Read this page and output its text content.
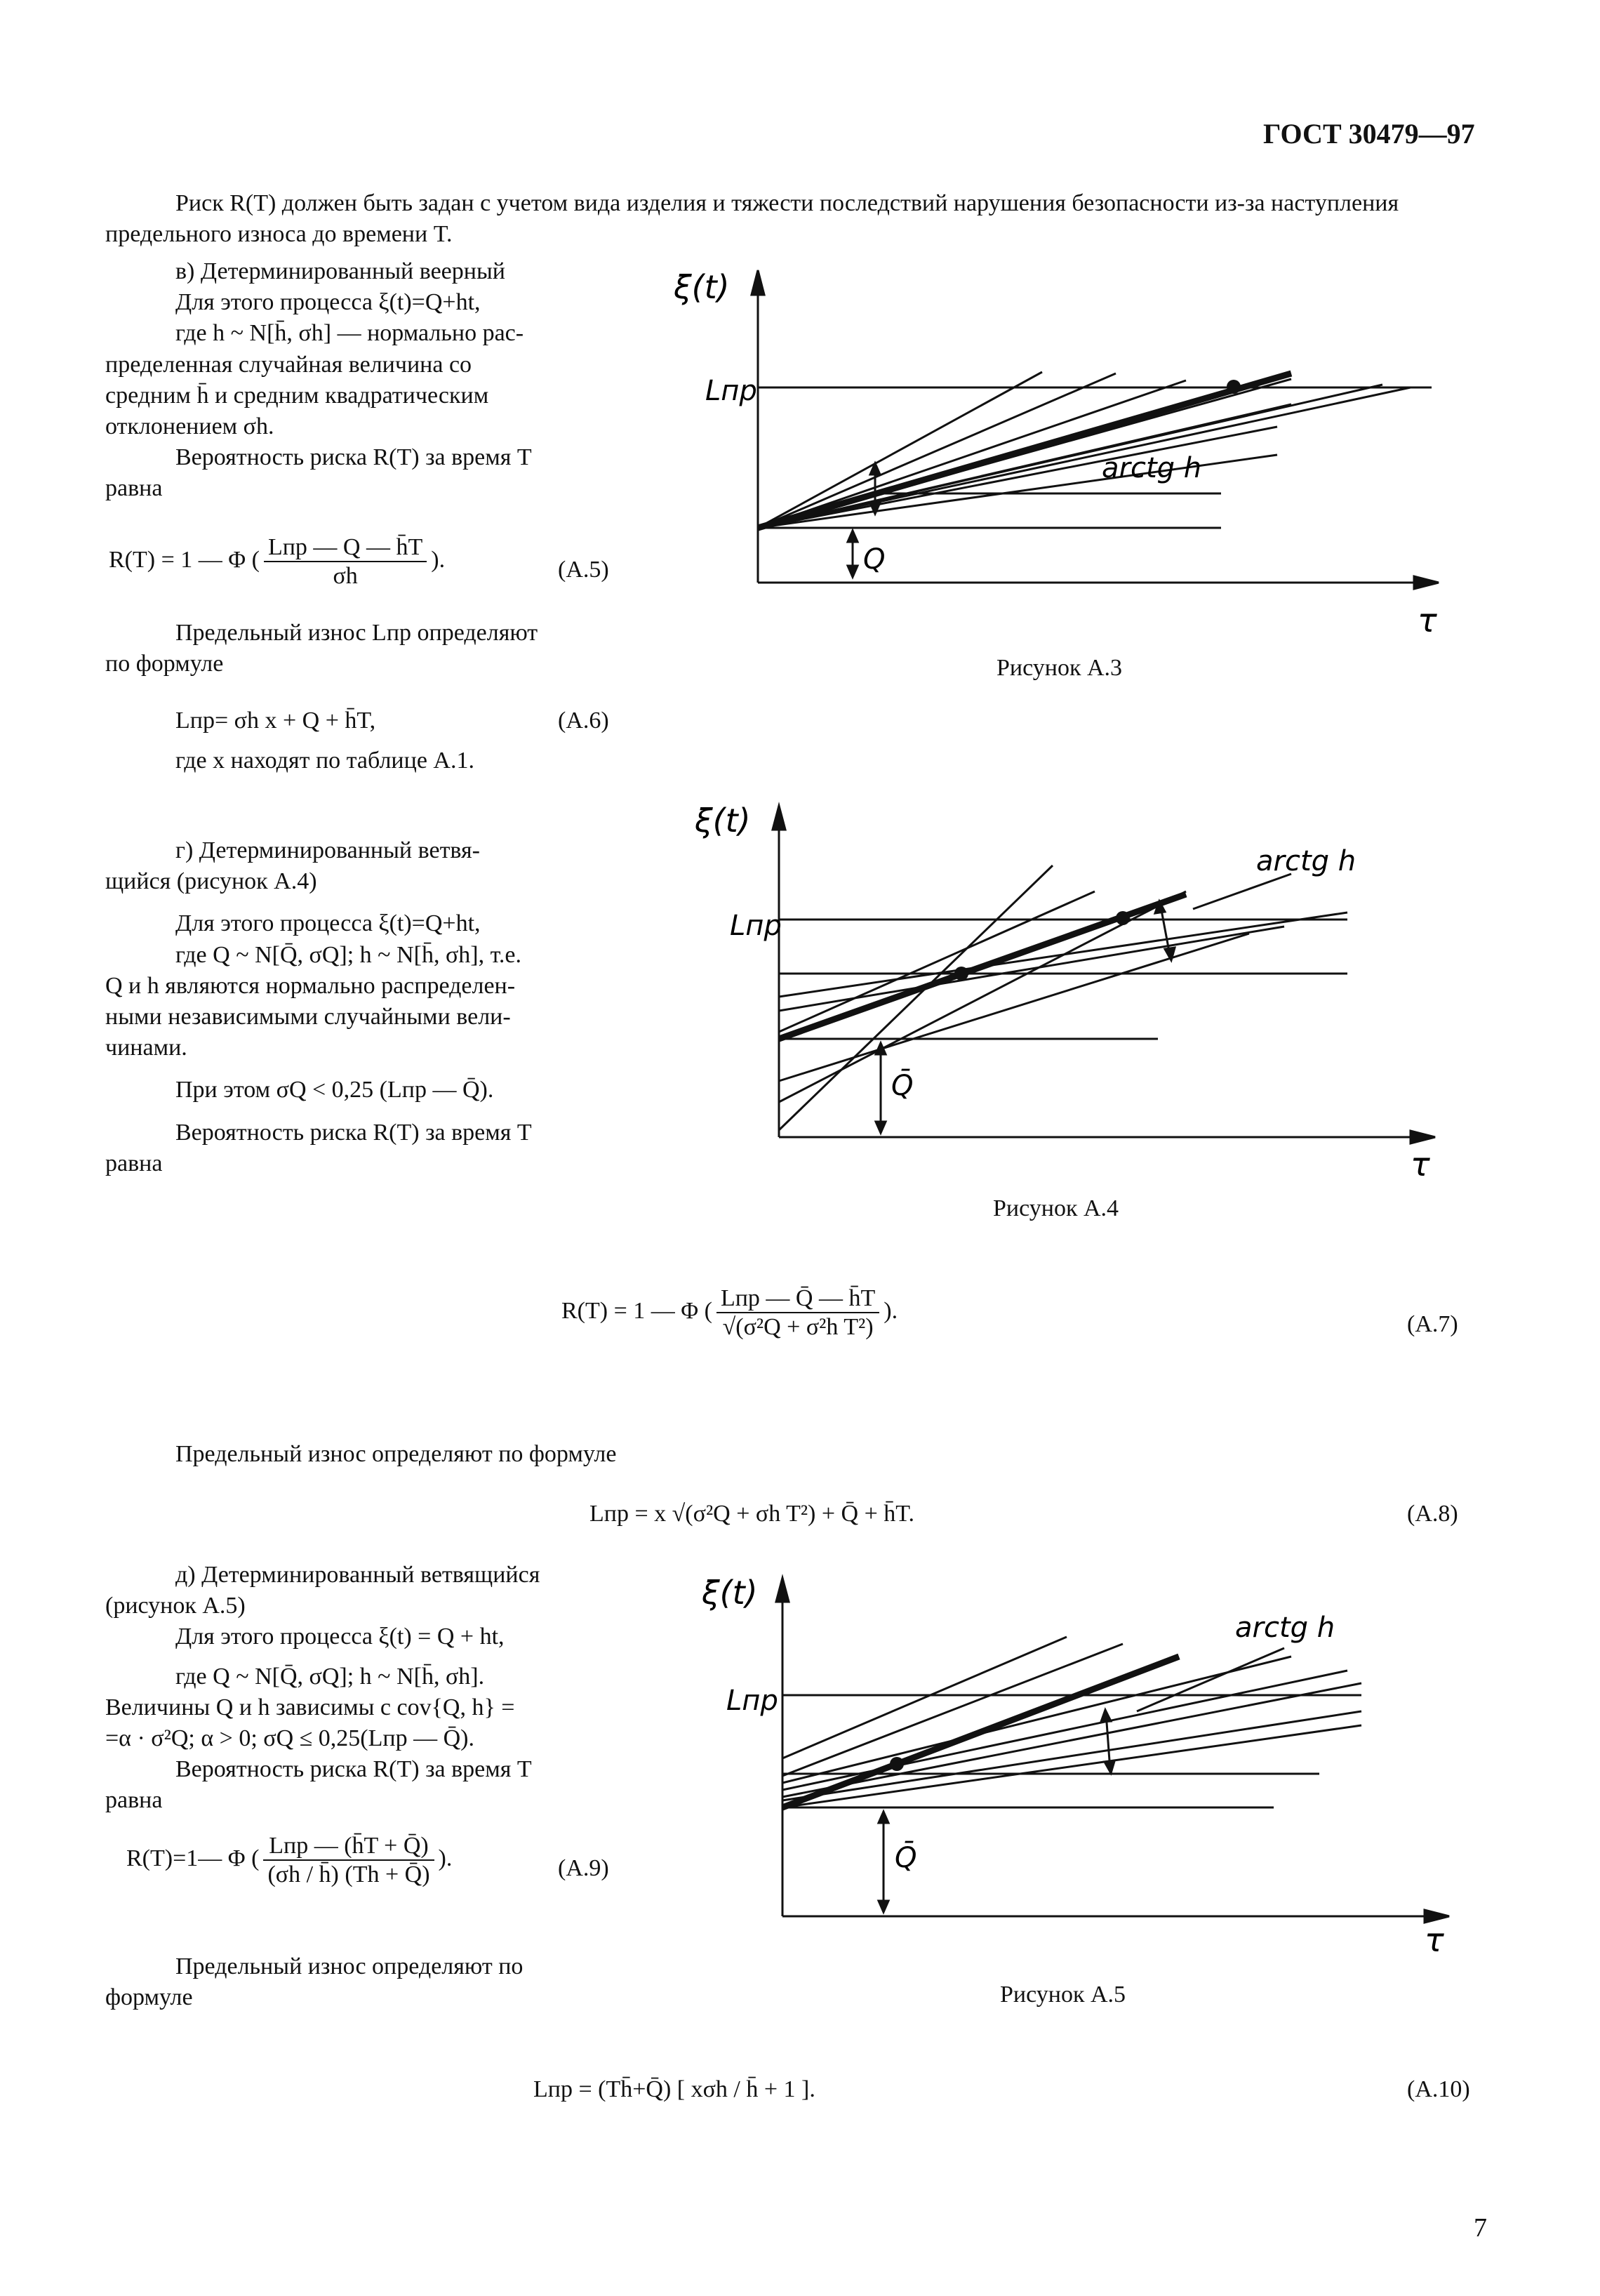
ГОСТ 30479—97
Риск R(T) должен быть задан с учетом вида изделия и тяжести последствий нарушения безопасности из-за наступления предельного износа до времени T.
в) Детерминированный веерный
Для этого процесса ξ(t)=Q+ht,
где h ~ N[h̄, σh] — нормально рас-
пределенная случайная величина со
средним h̄ и средним квадратическим
отклонением σh.
Вероятность риска R(T) за время T
равна
R(T) = 1 — Φ ( $\frac{\text{Lпр — Q — h̄T}}{\sigma h}$ ).	(А.5)
Предельный износ Lпр определяют
по формуле
Lпр= σh x + Q + h̄T,	(А.6)
где x находят по таблице А.1.
г) Детерминированный ветвя-
щийся (рисунок А.4)
Для этого процесса ξ(t)=Q+ht,
где Q ~ N[Q̄, σQ]; h ~ N[h̄, σh], т.е.
Q и h являются нормально распределен-
ными независимыми случайными вели-
чинами.
При этом σQ < 0,25 (Lпр — Q̄).
Вероятность риска R(T) за время T
равна
R(T) = 1 — Φ ( $\frac{\text{Lпр — Q̄ — h̄T}}{\text{√(σ²Q + σ²h T²)}}$ ).
(А.7)
Предельный износ определяют по формуле
Lпр = x √(σ²Q + σh T²) + Q̄ + h̄T.	(А.8)
д) Детерминированный ветвящийся
(рисунок А.5)
Для этого процесса ξ(t) = Q + ht,
где Q ~ N[Q̄, σQ]; h ~ N[h̄, σh].
Величины Q и h зависимы с cov{Q, h} =
=α · σ²Q; α > 0; σQ ≤ 0,25(Lпр — Q̄).
Вероятность риска R(T) за время T
равна
R(T)=1— Φ ( $\frac{\text{Lпр — (h̄T + Q̄)}}{(\sigma h / h̄) (Th + Q̄)}$ ).	(А.9)
Предельный износ определяют по
формуле
Lпр = (Th̄+Q̄) [ xσh / h̄ + 1 ].	(А.10)
7
ξ(t)
Lпр
Q
arctg h
τ
Рисунок А.3
ξ(t)
Lпр
Q̄
arctg h
τ
Рисунок А.4
ξ(t)
Lпр
Q̄
arctg h
τ
Рисунок А.5
